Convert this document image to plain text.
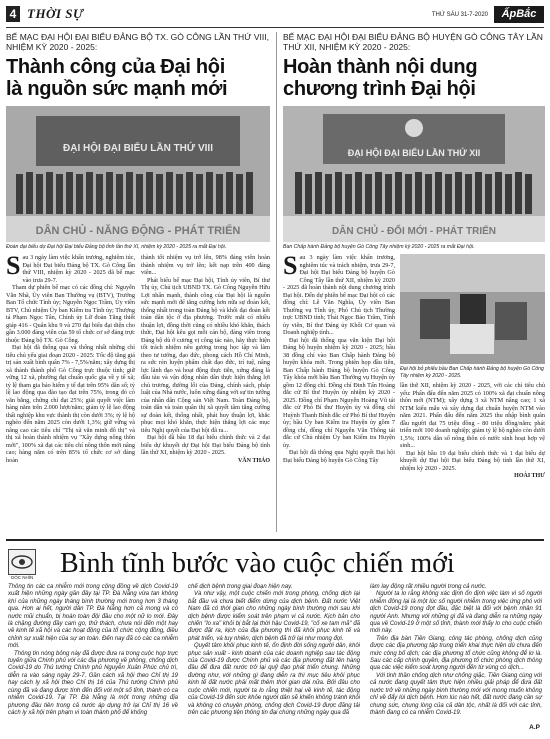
4 THỜI SỰ	THỨ SÁU 31-7-2020	ẤpBắc
BẾ MẠC ĐẠI HỘI ĐẠI BIỂU ĐẢNG BỘ TX. GÒ CÔNG LẦN THỨ VIII, NHIỆM KỲ 2020 - 2025:
Thành công của Đại hội
là nguồn sức mạnh mới
ĐẠI HỘI ĐẠI BIỂU LẦN THỨ VIII
DÂN CHỦ - NĂNG ĐỘNG - PHÁT TRIỂN
Đoàn đại biểu dự Đại hội Đại biểu Đảng bộ tỉnh lần thứ XI, nhiệm kỳ 2020 - 2025 ra mắt Đại hội.
S au 3 ngày làm việc khẩn trương, nghiêm túc, Đại hội Đại biểu Đảng bộ TX. Gò Công lần thứ VIII, nhiệm kỳ 2020 - 2025 đã bế mạc vào trưa 29-7.

Tham dự phiên bế mạc có các đồng chí: Nguyễn Văn Nhã, Ủy viên Ban Thường vụ (BTV), Trưởng Ban Tổ chức Tỉnh ủy; Nguyễn Ngọc Trầm, Ủy viên BTV, Chủ nhiệm Ủy ban Kiểm tra Tỉnh ủy; Thượng tá Phạm Ngọc Tân, Chính ủy Lữ đoàn Tăng thiết giáp 416 - Quân khu 9 và 270 đại biểu đại diện cho gần 3.000 đảng viên của 59 tổ chức cơ sở đảng trực thuộc Đảng bộ TX. Gò Công.

Đại hội đã thống qua và thống nhất những chỉ tiêu chủ yếu giai đoạn 2020 - 2025: Tốc độ tăng giá trị sản xuất bình quân 7% - 7,5%/năm; xây dựng thị xã thành thành phố Gò Công trực thuộc tỉnh; giữ vững 12 xã, phường đạt chuẩn quốc gia về y tế xã; tỷ lệ tham gia bảo hiểm y tế đạt trên 95% dân số; tỷ lệ lao động qua đào tạo đạt trên 75%, trong đó có văn bằng, chứng chỉ đạt 25%; giải quyết việc làm hàng năm trên 2.000 lượt/năm; giảm tỷ lệ lao động thất nghiệp khu vực thành thị còn dưới 3%; tỷ lệ hộ nghèo đến năm 2025 còn dưới 1,3%; giữ vững và nâng cao các tiêu chí "Thị xã văn minh đô thị" và thị xã hoàn thành nhiệm vụ "Xây dựng nông thôn mới", 100% xã đạt các tiêu chí nông thôn mới nâng cao; hàng năm có trên 85% tổ chức cơ sở đảng hoàn

thành tốt nhiệm vụ trở lên, 98% đảng viên hoàn thành nhiệm vụ trở lên; kết nạp trên 400 đảng viên...

Phát biểu bế mạc Đại hội, Tỉnh ủy viên, Bí thư Thị ủy, Chủ tịch UBND TX. Gò Công Nguyễn Hữu Lợi nhấn mạnh, thành công của Đại hội là nguồn sức mạnh mới để tăng cường hơn nữa sự đoàn kết, thống nhất trong toàn Đảng bộ và khối đại đoàn kết toàn dân tộc ở địa phương. Trước mắt có nhiều thuận lợi, đồng thời cũng có nhiều khó khăn, thách thức, Đại hội kêu gọi mỗi cán bộ, đảng viên trong Đảng bộ dù ở cương vị công tác nào, hãy thực hiện tốt trách nhiệm nêu gương trong học tập và làm theo tư tưởng, đạo đức, phong cách Hồ Chí Minh, ra sức rèn luyện phẩm chất đạo đức, trí tuệ, nâng lực lãnh đạo và hoạt động thực tiễn, xứng đáng là đầu tàu và vận động nhân dân thực hiện thắng lợi chủ trương, đường lối của Đảng, chính sách, pháp luật của Nhà nước, luôn xứng đáng với sự tin tưởng của nhân dân Cộng sản Việt Nam. Toàn Đảng bộ, toàn dân và toàn quân thị xã quyết tâm tăng cường sự đoàn kết, thống nhất, phát huy thuận lợi, khắc phục mọi khó khăn, thực hiện thắng lợi các mục tiêu Nghị quyết của Đại hội đã ra...

Đại hội đã bầu 18 đại biểu chính thức và 2 đại biểu dự khuyết dự Đại hội Đại biểu Đảng bộ tỉnh lần thứ XI, nhiệm kỳ 2020 - 2025.

VĂN THẢO
BẾ MẠC ĐẠI HỘI ĐẠI BIỂU ĐẢNG BỘ HUYỆN GÒ CÔNG TÂY LẦN THỨ XII, NHIỆM KỲ 2020 - 2025:
Hoàn thành nội dung
chương trình Đại hội
ĐẠI HỘI ĐẠI BIỂU LẦN THỨ XII
DÂN CHỦ - ĐỔI MỚI - PHÁT TRIỂN
Ban Chấp hành Đảng bộ huyện Gò Công Tây nhiệm kỳ 2020 - 2025 ra mắt Đại hội.
S au 3 ngày làm việc khẩn trương, nghiêm túc và trách nhiệm, trưa 29-7, Đại hội Đại biểu Đảng bộ huyện Gò Công Tây lần thứ XII, nhiệm kỳ 2020 - 2025 đã hoàn thành nội dung chương trình Đại hội. Đến dự phiên bế mạc Đại hội có các đồng chí: Lê Văn Nghĩa, Ủy viên Ban Thường vụ Tỉnh ủy, Phó Chủ tịch Thường trực UBND tỉnh; Thái Ngọc Bảo Trâm, Tỉnh ủy viên, Bí thư Đảng ủy Khối Cơ quan và Doanh nghiệp tỉnh...

Đại hội đã thống qua văn kiện Đại hội Đảng bộ huyện nhiệm kỳ 2020 - 2025; bầu 38 đồng chí vào Ban Chấp hành Đảng bộ huyện khóa mới. Trong phiên họp đầu tiên, Ban Chấp hành Đảng bộ huyện Gò Công Tây khóa mới bầu Ban Thường vụ Huyện ủy gồm 12 đồng chí. Đồng chí Đinh Tấn Hoàng đắc cử Bí thư Huyện ủy nhiệm kỳ 2020 - 2025. Đồng chí Phạm Nguyễn Hoàng Vũ tái đắc cử Phó Bí thư Huyện ủy và đồng chí Huỳnh Thanh Bình đắc cử Phó Bí thư Huyện ủy; bầu Ủy ban Kiểm tra Huyện ủy gồm 7 đồng chí, đồng chí Nguyễn Văn Thông tái đắc cử Chủ nhiệm Ủy ban Kiểm tra Huyện ủy.

Đại hội đã thông qua Nghị quyết Đại hội Đại biểu Đảng bộ huyện Gò Công Tây

Đại hội bỏ phiếu bầu Ban Chấp hành Đảng bộ huyện Gò Công Tây nhiệm kỳ 2020 - 2025.

lần thứ XII, nhiệm kỳ 2020 - 2025, với các chỉ tiêu chủ yếu: Phấn đấu đến năm 2025 có 100% xã đạt chuẩn nông thôn mới (NTM); xây dựng 3 xã NTM nâng cao; 1 xã NTM kiểu mẫu và xây dựng đạt chuẩn huyện NTM vào năm 2021. Phấn đấu đến năm 2025 thu nhập bình quân đầu người đạt 75 triệu đồng - 80 triệu đồng/năm; phát triển mới 100 doanh nghiệp; giảm tỷ lệ hộ nghèo còn dưới 1,5%; 100% dân số nông thôn có nước sinh hoạt hợp vệ sinh...

Đại hội bầu 19 đại biểu chính thức và 1 đại biểu dự khuyết dự Đại hội Đại biểu Đảng bộ tỉnh lần thứ XI, nhiệm kỳ 2020 - 2025.

HOÀI THƯ
GÓC NHÌN Bình tĩnh bước vào cuộc chiến mới

Thông tin các ca nhiễm mới trong cộng đồng về dịch Covid-19 xuất hiện những ngày gần đây tại TP. Đà Nẵng vừa tan không khí của những ngày tháng bình thường mới trong hơn 3 tháng qua. Hơn ai hết, người dân TP. Đà Nẵng hơn cả mong và có nước mũi chuẩn, bị hoàn toàn đội đầu cho một nữ lo mới. Đây là chặng đường đầy cam go, thử thách, chưa nói đến một hay về kinh tế xã hội và các hoạt động của tổ chức cộng đồng, điều chỉnh sự xuất hiện của sự an toàn. Đến nay đã có các ca nhiễm mới.

Thông tin nóng bỏng này đã được đưa ra trong cuộc họp trực tuyến giữa Chính phủ với các địa phương về phòng, chống dịch Covid-19 do Thủ tướng Chính phủ Nguyễn Xuân Phúc chủ trì, diễn ra vào sáng ngày 29-7. Gần cách xã hội theo Chỉ thị 19 hay cách ly xã hội theo Chỉ thị 16 của Thủ tướng Chính phủ cùng đã và đang được tính đến đối với một số tỉnh, thành có ca nhiễm Covid-19. Tại TP. Đà Nẵng là một trong những địa phương đầu tiên trong cả nước áp dụng trở lại Chỉ thị 16 về cách ly xã hội trên phạm vi toàn thành phố để khống

chế dịch bệnh trong giai đoạn hiện nay.

Và như vậy, một cuộc chiến mới trong phòng, chống dịch lại bắt đầu và chưa biết điểm dừng của dịch bệnh. Đất nước Việt Nam đã có thời gian cho những ngày bình thường mới sau khi dịch bệnh được kiểm soát trên phạm vi cả nước. Kịch bản cho chiến "lo xa" khỏi bị bắt lại thời hậu Covid-19, "cố xe tam mã" đã được đặt ra, kịch của địa phương thì đã khôi phục kinh tế và phát triển, và tuy nhiên, dịch bệnh đã trở lại như mong đợi.

Quyết tâm khôi phục kinh tế, ổn định đời sống người dân, khôi phục sản xuất - kinh doanh của các doanh nghiệp sau tác động của Covid-19 được Chính phủ và các địa phương đặt lên hàng đầu để đưa đất nước trở lại quỹ đạo phát triển chung. Những đường như, với những gì đang diễn ra thì mục tiêu khôi phục kinh tế đất nước phải mất thêm thời gian dài nữa. Bởi đâu cho cuộc chiến mới, người ta lo rằng thiệt hại về kinh tế, tác động của Covid-19 đến sức khỏe người dân sẽ khiến không tránh khỏi và không có chuyện phòng, chống dịch Covid-19 được đăng tải trên các phương tiện thông tin đại chúng những ngày qua đã

làm lay động rất nhiều người trong cả nước.

Người ta lo rằng không xác định ổn định việc làm vì số người nhiễm đông lại là một lúc số người nhiễm trong việc ứng phó với dịch Covid-19 trong đợt đầu, đặc biệt là đối với bệnh nhân 91 người Anh. Nhưng với những gì đã và đang diễn ra những ngày qua về Covid-19 ở một số tỉnh, thành mới thấy lo cho cuộc chiến mới này.

Trên địa bàn Tiền Giang, công tác phòng, chống dịch cũng được các địa phương tập trung triển khai thực hiện dù chưa đến mức công bố dịch; các địa phương tổ chức cũng không để lơ là. Sau các cấp chính quyền, địa phương tổ chức phòng dịch thông qua các việc kiểm soát lượng người đến từ vùng có dịch...

Với tinh thần chống dịch như chống giặc, Tiền Giang cùng với cả nước đang quyết tâm thực hiện nhiều giải pháp để đưa đất nước trở về những ngày bình thường mới với mong muốn không chỉ về đẩy lùi dịch bệnh. Hơn lúc nào hết, đất nước đang cần sự chung sức, chung lòng của cả dân tộc, nhất là đối với các tỉnh, thành đang có ca nhiễm Covid-19.

A.P
